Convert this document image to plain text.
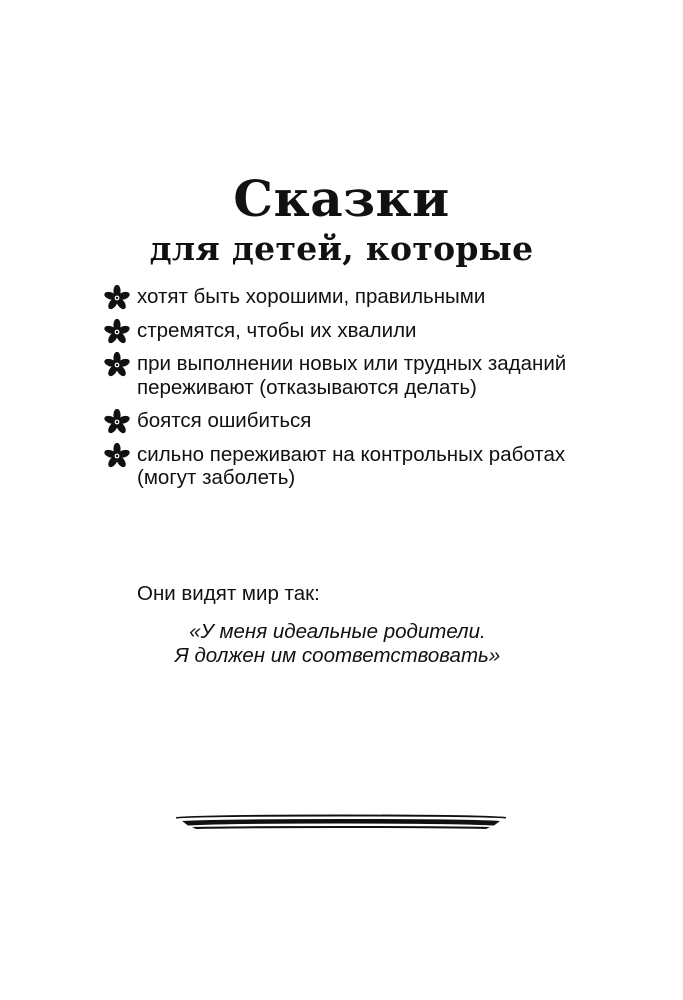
Сказки
для детей, которые
хотят быть хорошими, правильными
стремятся, чтобы их хвалили
при выполнении новых или трудных заданий переживают (отказываются делать)
боятся ошибиться
сильно переживают на контрольных работах (могут заболеть)
Они видят мир так:
«У меня идеальные родители.
Я должен им соответствовать»
